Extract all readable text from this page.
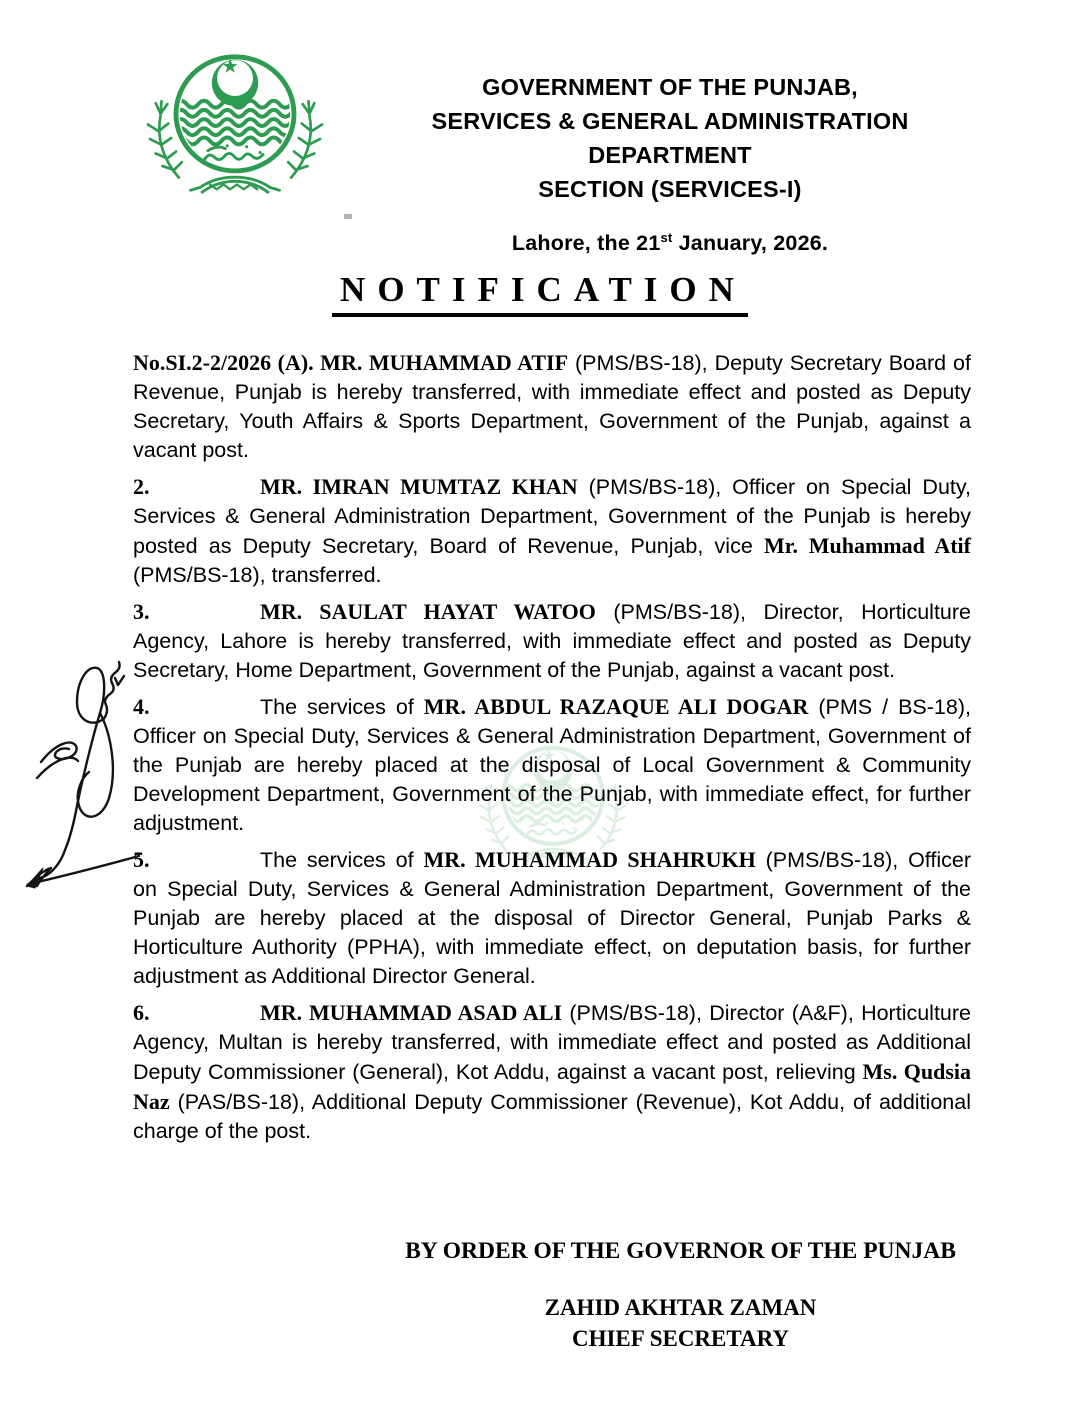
GOVERNMENT OF THE PUNJAB,
SERVICES & GENERAL ADMINISTRATION
DEPARTMENT
SECTION (SERVICES-I)
Lahore, the 21st January, 2026.
NOTIFICATION

No.SI.2-2/2026 (A). MR. MUHAMMAD ATIF (PMS/BS-18), Deputy Secretary Board of Revenue, Punjab is hereby transferred, with immediate effect and posted as Deputy Secretary, Youth Affairs & Sports Department, Government of the Punjab, against a vacant post.

2.	MR. IMRAN MUMTAZ KHAN (PMS/BS-18), Officer on Special Duty, Services & General Administration Department, Government of the Punjab is hereby posted as Deputy Secretary, Board of Revenue, Punjab, vice Mr. Muhammad Atif (PMS/BS-18), transferred.

3.	MR. SAULAT HAYAT WATOO (PMS/BS-18), Director, Horticulture Agency, Lahore is hereby transferred, with immediate effect and posted as Deputy Secretary, Home Department, Government of the Punjab, against a vacant post.

4.	The services of MR. ABDUL RAZAQUE ALI DOGAR (PMS / BS-18), Officer on Special Duty, Services & General Administration Department, Government of the Punjab are hereby placed at the disposal of Local Government & Community Development Department, Government of the Punjab, with immediate effect, for further adjustment.

5.	The services of MR. MUHAMMAD SHAHRUKH (PMS/BS-18), Officer on Special Duty, Services & General Administration Department, Government of the Punjab are hereby placed at the disposal of Director General, Punjab Parks & Horticulture Authority (PPHA), with immediate effect, on deputation basis, for further adjustment as Additional Director General.

6.	MR. MUHAMMAD ASAD ALI (PMS/BS-18), Director (A&F), Horticulture Agency, Multan is hereby transferred, with immediate effect and posted as Additional Deputy Commissioner (General), Kot Addu, against a vacant post, relieving Ms. Qudsia Naz (PAS/BS-18), Additional Deputy Commissioner (Revenue), Kot Addu, of additional charge of the post.

BY ORDER OF THE GOVERNOR OF THE PUNJAB
ZAHID AKHTAR ZAMAN
CHIEF SECRETARY
